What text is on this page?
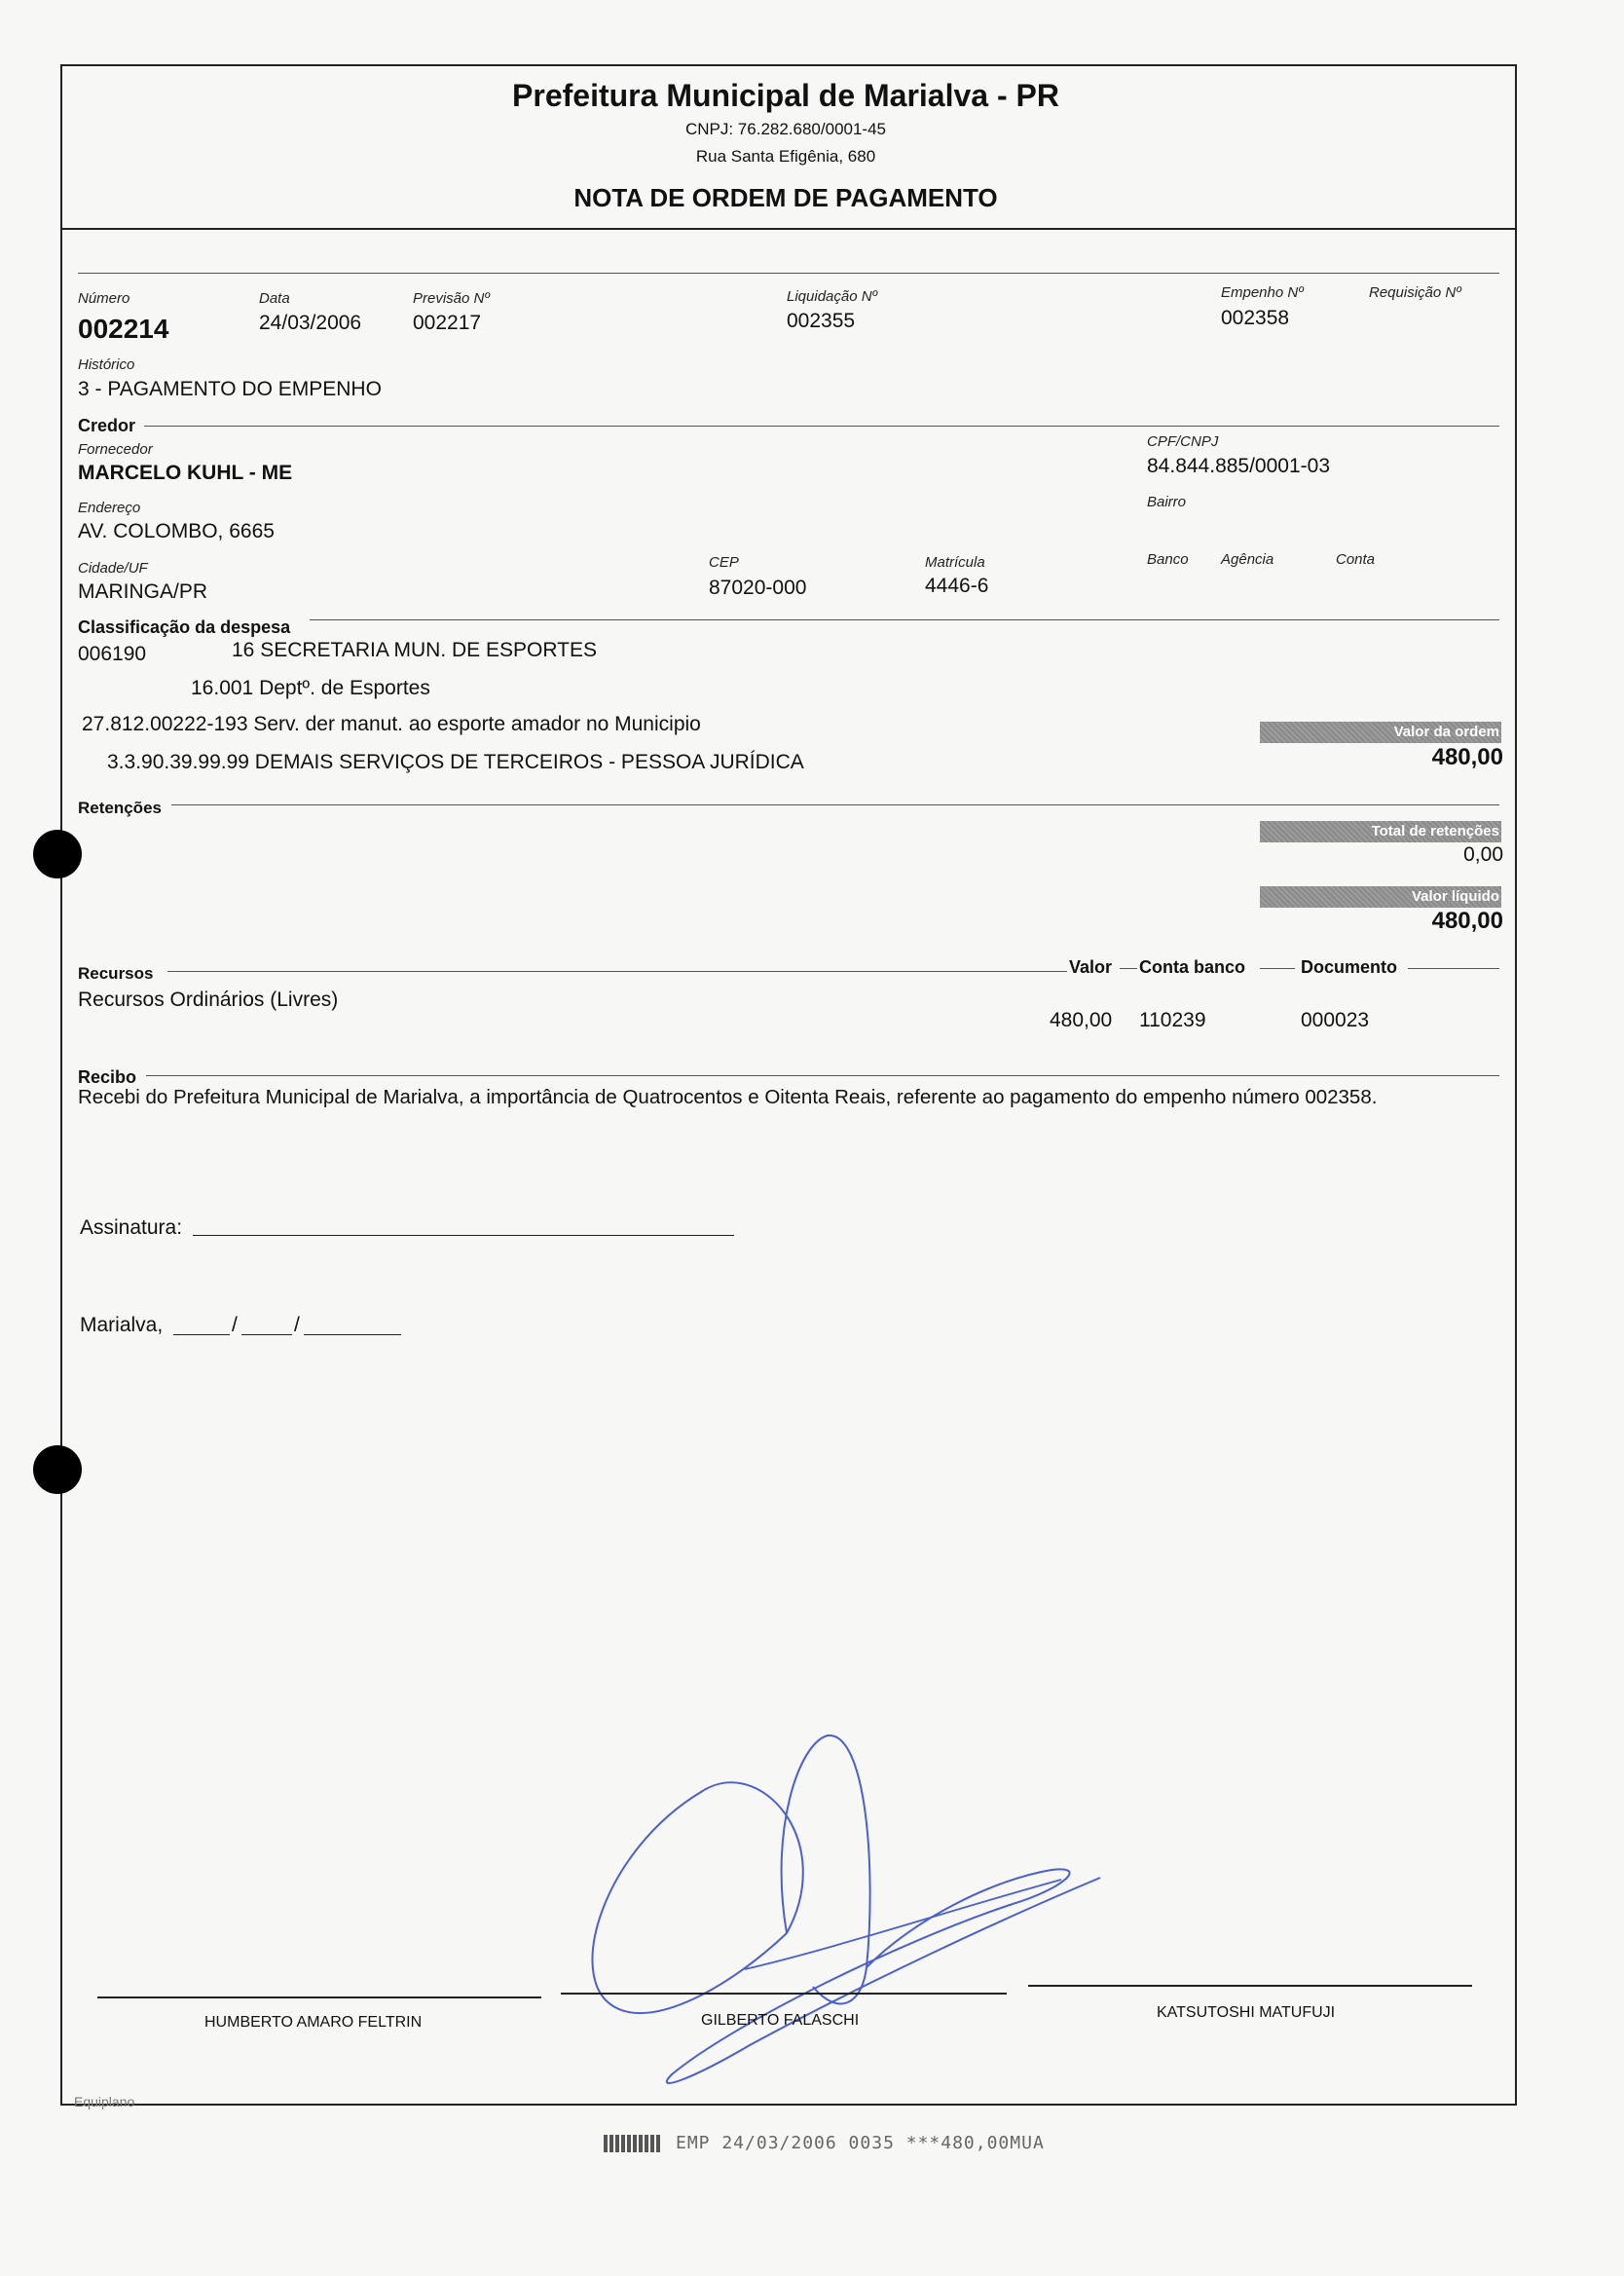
Prefeitura Municipal de Marialva - PR
CNPJ: 76.282.680/0001-45
Rua Santa Efigênia, 680
NOTA DE ORDEM DE PAGAMENTO
Número
002214
Data
24/03/2006
Previsão Nº
002217
Liquidação Nº
002355
Empenho Nº
002358
Requisição Nº
Histórico
3 - PAGAMENTO DO EMPENHO
Credor
Fornecedor
MARCELO KUHL - ME
CPF/CNPJ
84.844.885/0001-03
Endereço
AV. COLOMBO, 6665
Bairro
Cidade/UF
MARINGA/PR
CEP
87020-000
Matrícula
4446-6
Banco Agência	Conta
Classificação da despesa
006190	16 SECRETARIA MUN. DE ESPORTES
16.001 Deptº. de Esportes
27.812.00222-193 Serv. der manut. ao esporte amador no Municipio
3.3.90.39.99.99 DEMAIS SERVIÇOS DE TERCEIROS - PESSOA JURÍDICA
Valor da ordem
480,00
Retenções
Total de retenções
0,00
Valor líquido
480,00
Recursos	Valor Conta banco	Documento
Recursos Ordinários (Livres)
480,00 110239	000023
Recibo
Recebi do Prefeitura Municipal de Marialva, a importância de Quatrocentos e Oitenta Reais, referente ao pagamento do empenho número 002358.
Assinatura:
Marialva,	/	/
HUMBERTO AMARO FELTRIN	GILBERTO FALASCHI	KATSUTOSHI MATUFUJI
Equiplano
EMP 24/03/2006 0035 ***480,00MUA
